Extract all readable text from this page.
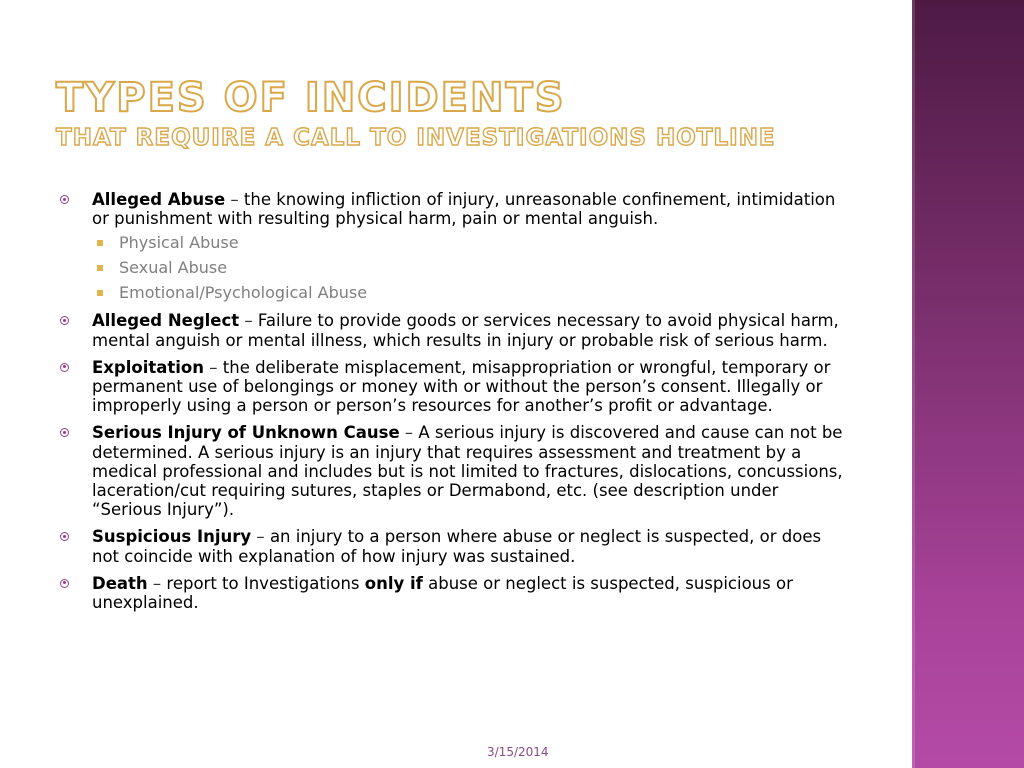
TYPES OF INCIDENTS
THAT REQUIRE A CALL TO INVESTIGATIONS HOTLINE
Alleged Abuse – the knowing infliction of injury, unreasonable confinement, intimidation or punishment with resulting physical harm, pain or mental anguish.
Physical Abuse
Sexual Abuse
Emotional/Psychological Abuse
Alleged Neglect – Failure to provide goods or services necessary to avoid physical harm, mental anguish or mental illness, which results in injury or probable risk of serious harm.
Exploitation – the deliberate misplacement, misappropriation or wrongful, temporary or permanent use of belongings or money with or without the person’s consent. Illegally or improperly using a person or person’s resources for another’s profit or advantage.
Serious Injury of Unknown Cause – A serious injury is discovered and cause can not be determined. A serious injury is an injury that requires assessment and treatment by a medical professional and includes but is not limited to fractures, dislocations, concussions, laceration/cut requiring sutures, staples or Dermabond, etc. (see description under “Serious Injury”).
Suspicious Injury – an injury to a person where abuse or neglect is suspected, or does not coincide with explanation of how injury was sustained.
Death – report to Investigations only if abuse or neglect is suspected, suspicious or unexplained.
3/15/2014
